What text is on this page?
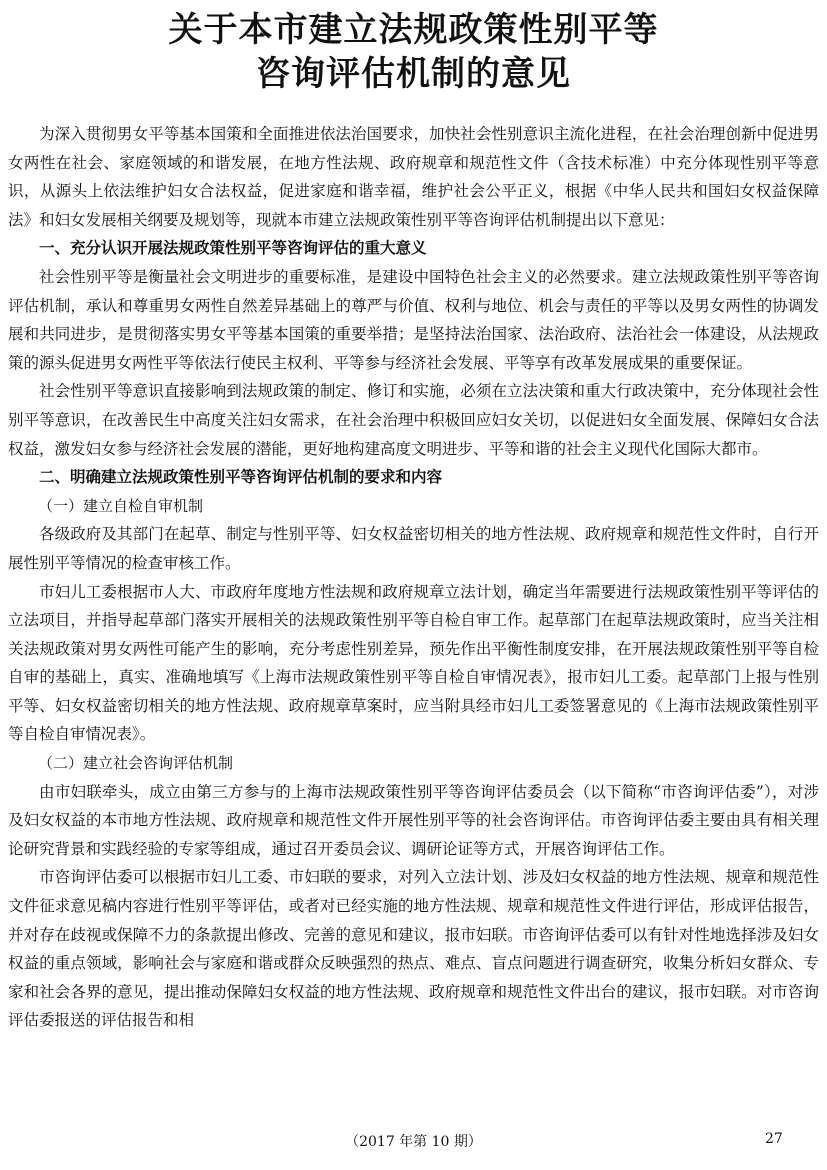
关于本市建立法规政策性别平等
咨询评估机制的意见

为深入贯彻男女平等基本国策和全面推进依法治国要求，加快社会性别意识主流化进程，在社会治理创新中促进男女两性在社会、家庭领域的和谐发展，在地方性法规、政府规章和规范性文件（含技术标准）中充分体现性别平等意识，从源头上依法维护妇女合法权益，促进家庭和谐幸福，维护社会公平正义，根据《中华人民共和国妇女权益保障法》和妇女发展相关纲要及规划等，现就本市建立法规政策性别平等咨询评估机制提出以下意见：

一、充分认识开展法规政策性别平等咨询评估的重大意义

社会性别平等是衡量社会文明进步的重要标准，是建设中国特色社会主义的必然要求。建立法规政策性别平等咨询评估机制，承认和尊重男女两性自然差异基础上的尊严与价值、权利与地位、机会与责任的平等以及男女两性的协调发展和共同进步，是贯彻落实男女平等基本国策的重要举措；是坚持法治国家、法治政府、法治社会一体建设，从法规政策的源头促进男女两性平等依法行使民主权利、平等参与经济社会发展、平等享有改革发展成果的重要保证。

社会性别平等意识直接影响到法规政策的制定、修订和实施，必须在立法决策和重大行政决策中，充分体现社会性别平等意识，在改善民生中高度关注妇女需求，在社会治理中积极回应妇女关切，以促进妇女全面发展、保障妇女合法权益，激发妇女参与经济社会发展的潜能，更好地构建高度文明进步、平等和谐的社会主义现代化国际大都市。

二、明确建立法规政策性别平等咨询评估机制的要求和内容

（一）建立自检自审机制

各级政府及其部门在起草、制定与性别平等、妇女权益密切相关的地方性法规、政府规章和规范性文件时，自行开展性别平等情况的检查审核工作。

市妇儿工委根据市人大、市政府年度地方性法规和政府规章立法计划，确定当年需要进行法规政策性别平等评估的立法项目，并指导起草部门落实开展相关的法规政策性别平等自检自审工作。起草部门在起草法规政策时，应当关注相关法规政策对男女两性可能产生的影响，充分考虑性别差异，预先作出平衡性制度安排，在开展法规政策性别平等自检自审的基础上，真实、准确地填写《上海市法规政策性别平等自检自审情况表》，报市妇儿工委。起草部门上报与性别平等、妇女权益密切相关的地方性法规、政府规章草案时，应当附具经市妇儿工委签署意见的《上海市法规政策性别平等自检自审情况表》。

（二）建立社会咨询评估机制

由市妇联牵头，成立由第三方参与的上海市法规政策性别平等咨询评估委员会（以下简称“市咨询评估委”），对涉及妇女权益的本市地方性法规、政府规章和规范性文件开展性别平等的社会咨询评估。市咨询评估委主要由具有相关理论研究背景和实践经验的专家等组成，通过召开委员会议、调研论证等方式，开展咨询评估工作。

市咨询评估委可以根据市妇儿工委、市妇联的要求，对列入立法计划、涉及妇女权益的地方性法规、规章和规范性文件征求意见稿内容进行性别平等评估，或者对已经实施的地方性法规、规章和规范性文件进行评估，形成评估报告，并对存在歧视或保障不力的条款提出修改、完善的意见和建议，报市妇联。市咨询评估委可以有针对性地选择涉及妇女权益的重点领域，影响社会与家庭和谐或群众反映强烈的热点、难点、盲点问题进行调查研究，收集分析妇女群众、专家和社会各界的意见，提出推动保障妇女权益的地方性法规、政府规章和规范性文件出台的建议，报市妇联。对市咨询评估委报送的评估报告和相

（2017 年第 10 期）	27
